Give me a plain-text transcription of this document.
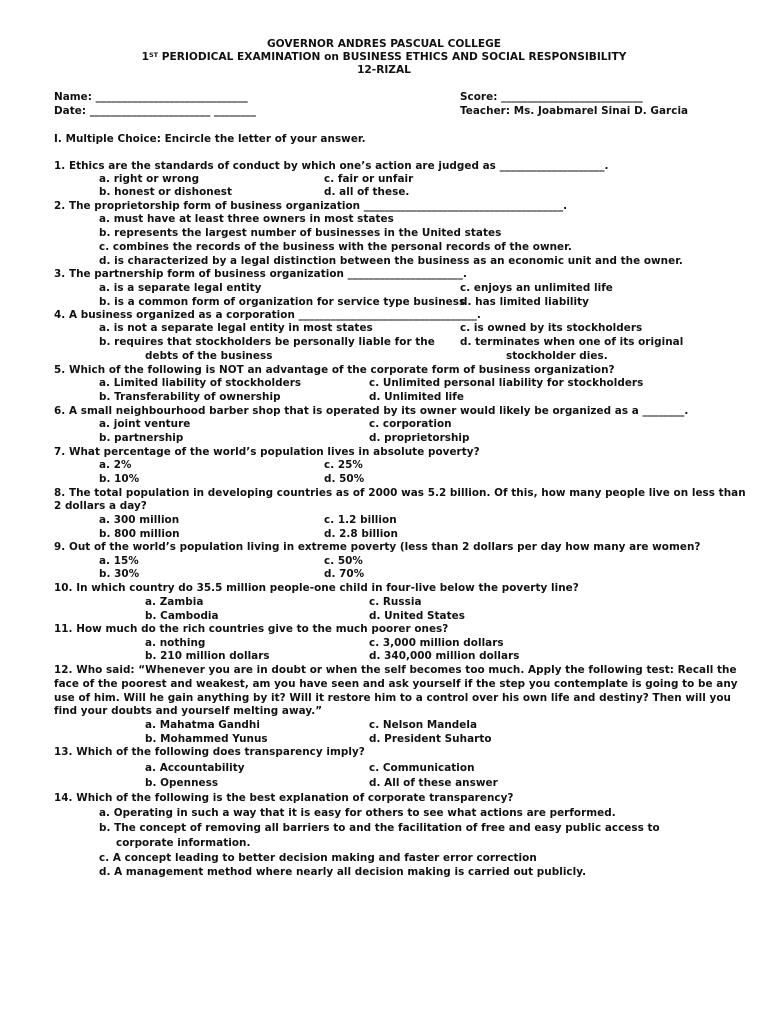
GOVERNOR ANDRES PASCUAL COLLEGE
1ST PERIODICAL EXAMINATION on BUSINESS ETHICS AND SOCIAL RESPONSIBILITY
12-RIZAL
Name: _____________________________
Date: _______________________ ________
Score: ___________________________
Teacher: Ms. Joabmarel Sinai D. Garcia
I. Multiple Choice: Encircle the letter of your answer.
1. Ethics are the standards of conduct by which one’s action are judged as ____________________.
a. right or wrong	c. fair or unfair
b. honest or dishonest	d. all of these.
2. The proprietorship form of business organization ______________________________________.
a. must have at least three owners in most states
b. represents the largest number of businesses in the United states
c. combines the records of the business with the personal records of the owner.
d. is characterized by a legal distinction between the business as an economic unit and the owner.
3. The partnership form of business organization ______________________.
a. is a separate legal entity	c. enjoys an unlimited life
b. is a common form of organization for service type business
d. has limited liability
4. A business organized as a corporation __________________________________.
a. is not a separate legal entity in most states	c. is owned by its stockholders
b. requires that stockholders be personally liable for the d. terminates when one of its original
debts of the business	stockholder dies.
5. Which of the following is NOT an advantage of the corporate form of business organization?
a. Limited liability of stockholders	c. Unlimited personal liability for stockholders
b. Transferability of ownership	d. Unlimited life
6. A small neighbourhood barber shop that is operated by its owner would likely be organized as a ________.
a. joint venture	c. corporation
b. partnership	d. proprietorship
7. What percentage of the world’s population lives in absolute poverty?
a. 2%	c. 25%
b. 10%	d. 50%
8. The total population in developing countries as of 2000 was 5.2 billion. Of this, how many people live on less than
2 dollars a day?
a. 300 million	c. 1.2 billion
b. 800 million	d. 2.8 billion
9. Out of the world’s population living in extreme poverty (less than 2 dollars per day how many are women?
a. 15%	c. 50%
b. 30%	d. 70%
10. In which country do 35.5 million people-one child in four-live below the poverty line?
a. Zambia	c. Russia
b. Cambodia	d. United States
11. How much do the rich countries give to the much poorer ones?
a. nothing	c. 3,000 million dollars
b. 210 million dollars	d. 340,000 million dollars
12. Who said: “Whenever you are in doubt or when the self becomes too much. Apply the following test: Recall the
face of the poorest and weakest, am you have seen and ask yourself if the step you contemplate is going to be any
use of him. Will he gain anything by it? Will it restore him to a control over his own life and destiny? Then will you
find your doubts and yourself melting away.”
a. Mahatma Gandhi	c. Nelson Mandela
b. Mohammed Yunus	d. President Suharto
13. Which of the following does transparency imply?
a. Accountability	c. Communication
b. Openness	d. All of these answer
14. Which of the following is the best explanation of corporate transparency?
a. Operating in such a way that it is easy for others to see what actions are performed.
b. The concept of removing all barriers to and the facilitation of free and easy public access to
corporate information.
c. A concept leading to better decision making and faster error correction
d. A management method where nearly all decision making is carried out publicly.
